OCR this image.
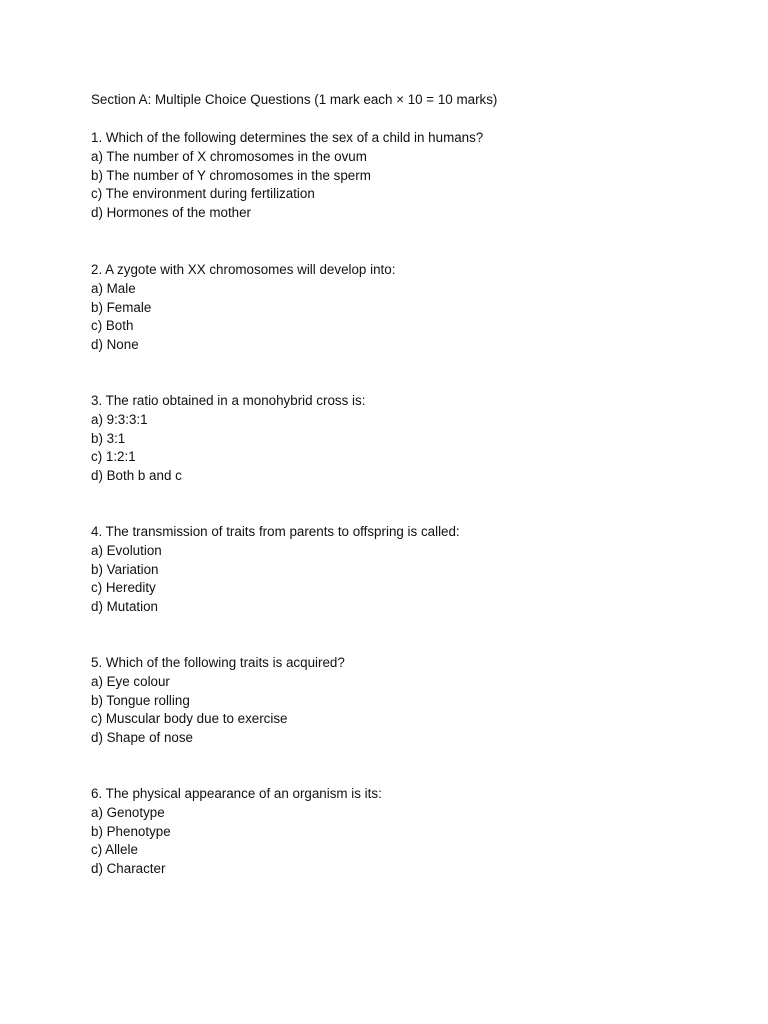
Section A: Multiple Choice Questions (1 mark each × 10 = 10 marks)
1. Which of the following determines the sex of a child in humans?
a) The number of X chromosomes in the ovum
b) The number of Y chromosomes in the sperm
c) The environment during fertilization
d) Hormones of the mother
2. A zygote with XX chromosomes will develop into:
a) Male
b) Female
c) Both
d) None
3. The ratio obtained in a monohybrid cross is:
a) 9:3:3:1
b) 3:1
c) 1:2:1
d) Both b and c
4. The transmission of traits from parents to offspring is called:
a) Evolution
b) Variation
c) Heredity
d) Mutation
5. Which of the following traits is acquired?
a) Eye colour
b) Tongue rolling
c) Muscular body due to exercise
d) Shape of nose
6. The physical appearance of an organism is its:
a) Genotype
b) Phenotype
c) Allele
d) Character
